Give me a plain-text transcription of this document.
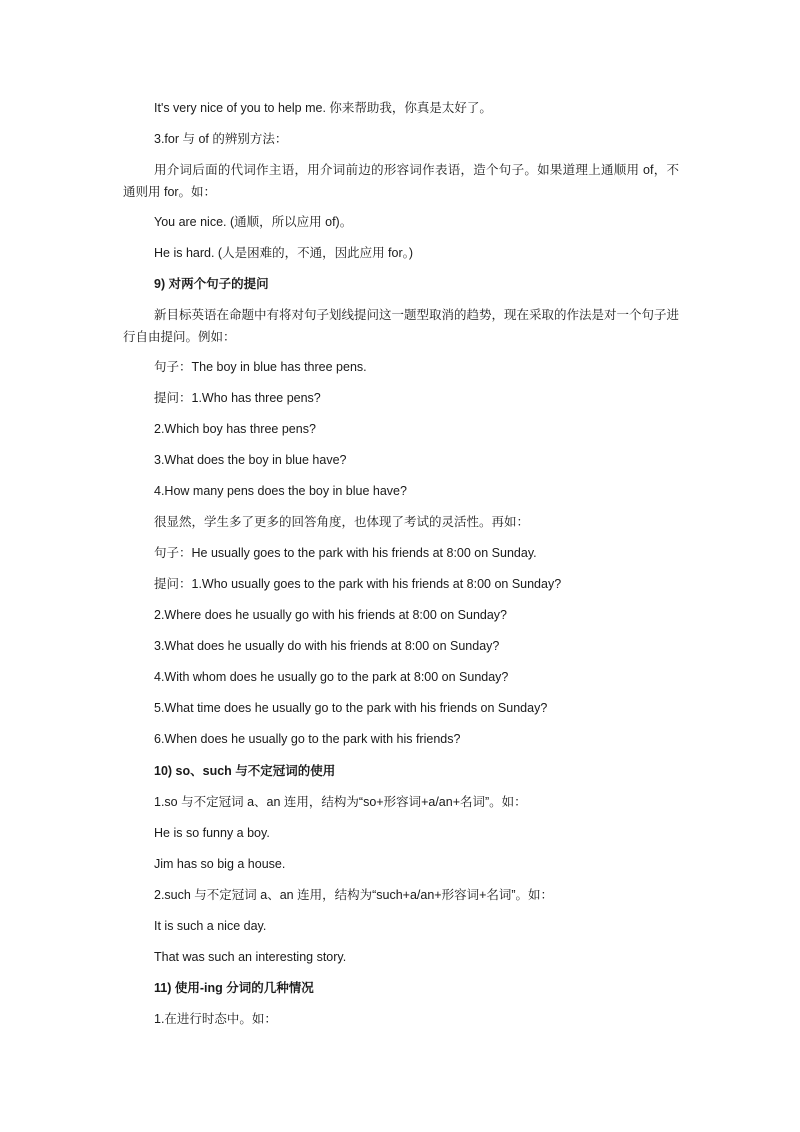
It's very nice of you to help me. 你来帮助我，你真是太好了。
3.for 与 of 的辨别方法：
用介词后面的代词作主语，用介词前边的形容词作表语，造个句子。如果道理上通顺用 of，不通则用 for。如：
You are nice. (通顺，所以应用 of)。
He is hard. (人是困难的，不通，因此应用 for。)
9) 对两个句子的提问
新目标英语在命题中有将对句子划线提问这一题型取消的趋势，现在采取的作法是对一个句子进行自由提问。例如：
句子：The boy in blue has three pens.
提问：1.Who has three pens?
2.Which boy has three pens?
3.What does the boy in blue have?
4.How many pens does the boy in blue have?
很显然，学生多了更多的回答角度，也体现了考试的灵活性。再如：
句子：He usually goes to the park with his friends at 8:00 on Sunday.
提问：1.Who usually goes to the park with his friends at 8:00 on Sunday?
2.Where does he usually go with his friends at 8:00 on Sunday?
3.What does he usually do with his friends at 8:00 on Sunday?
4.With whom does he usually go to the park at 8:00 on Sunday?
5.What time does he usually go to the park with his friends on Sunday?
6.When does he usually go to the park with his friends?
10) so、such 与不定冠词的使用
1.so 与不定冠词 a、an 连用，结构为“so+形容词+a/an+名词”。如：
He is so funny a boy.
Jim has so big a house.
2.such 与不定冠词 a、an 连用，结构为“such+a/an+形容词+名词”。如：
It is such a nice day.
That was such an interesting story.
11) 使用-ing 分词的几种情况
1.在进行时态中。如：
